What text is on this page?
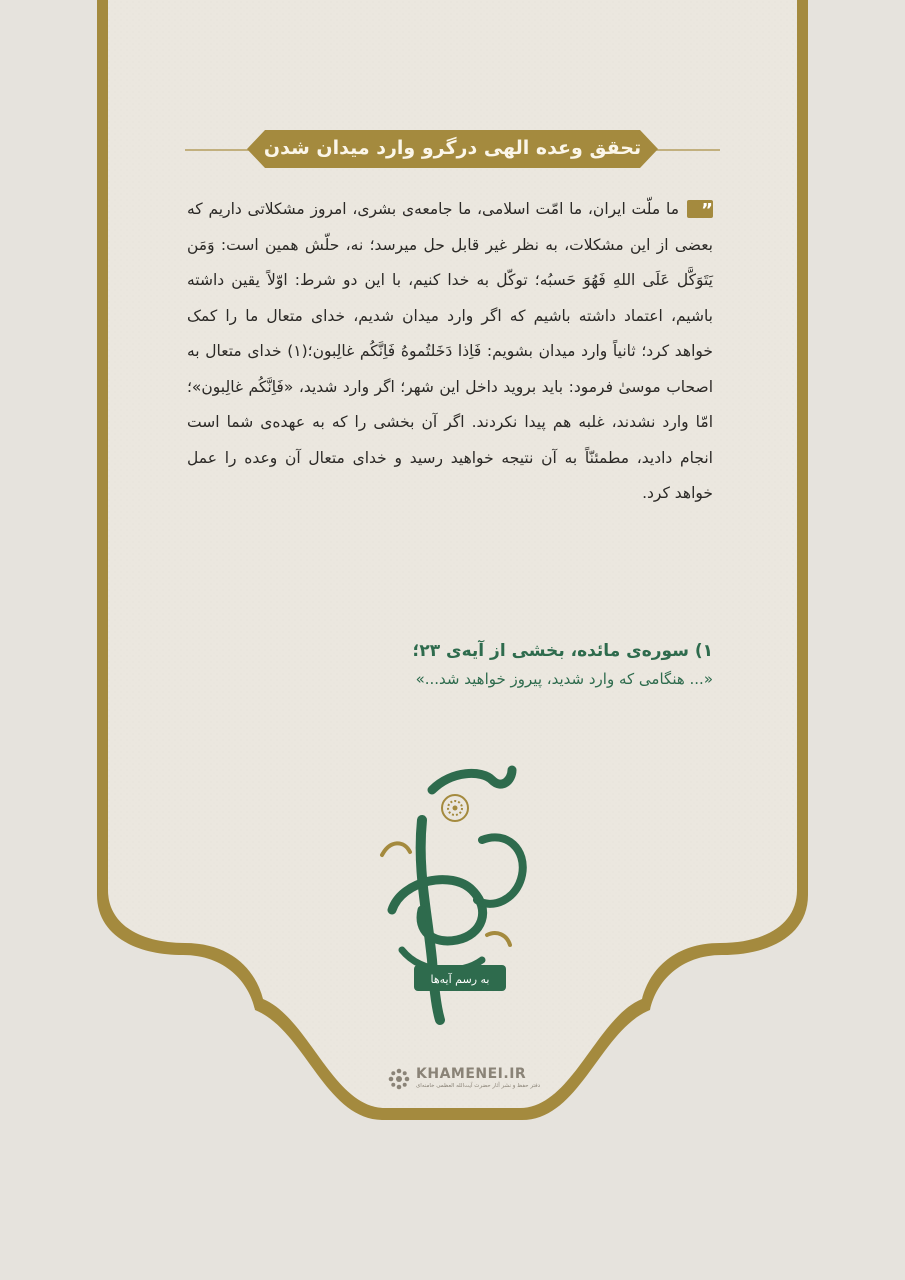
تحقق وعده الهی درگرو وارد میدان شدن
”ما ملّت ایران، ما امّت اسلامی، ما جامعه‌ی بشری، امروز مشکلاتی داریم که بعضی از این مشکلات، به نظر غیر قابل حل میرسد؛ نه، حلّش همین است: وَمَن یَتَوَکَّل عَلَی اللهِ فَهُوَ حَسبُه؛ توکّل به خدا کنیم، با این دو شرط: اوّلاً یقین داشته باشیم، اعتماد داشته باشیم که اگر وارد میدان شدیم، خدای متعال ما را کمک خواهد کرد؛ ثانیاً وارد میدان بشویم: فَاِذا دَخَلتُموهُ فَاِنَّکُم غالِبون؛(۱) خدای متعال به اصحاب موسیٰ فرمود: باید بروید داخل این شهر؛ اگر وارد شدید، «فَاِنَّکُم غالِبون»؛ امّا وارد نشدند، غلبه هم پیدا نکردند. اگر آن بخشی را که به عهده‌ی شما است انجام دادید، مطمئنّاً به آن نتیجه خواهید رسید و خدای متعال آن وعده را عمل خواهد کرد.
۱) سوره‌ی مائده، بخشی از آیه‌ی ۲۳؛
«... هنگامی که وارد شدید، پیروز خواهید شد...»
به رسم آیه‌ها
KHAMENEI.IR
دفتر حفظ و نشر آثار حضرت آیت‌الله العظمی خامنه‌ای
